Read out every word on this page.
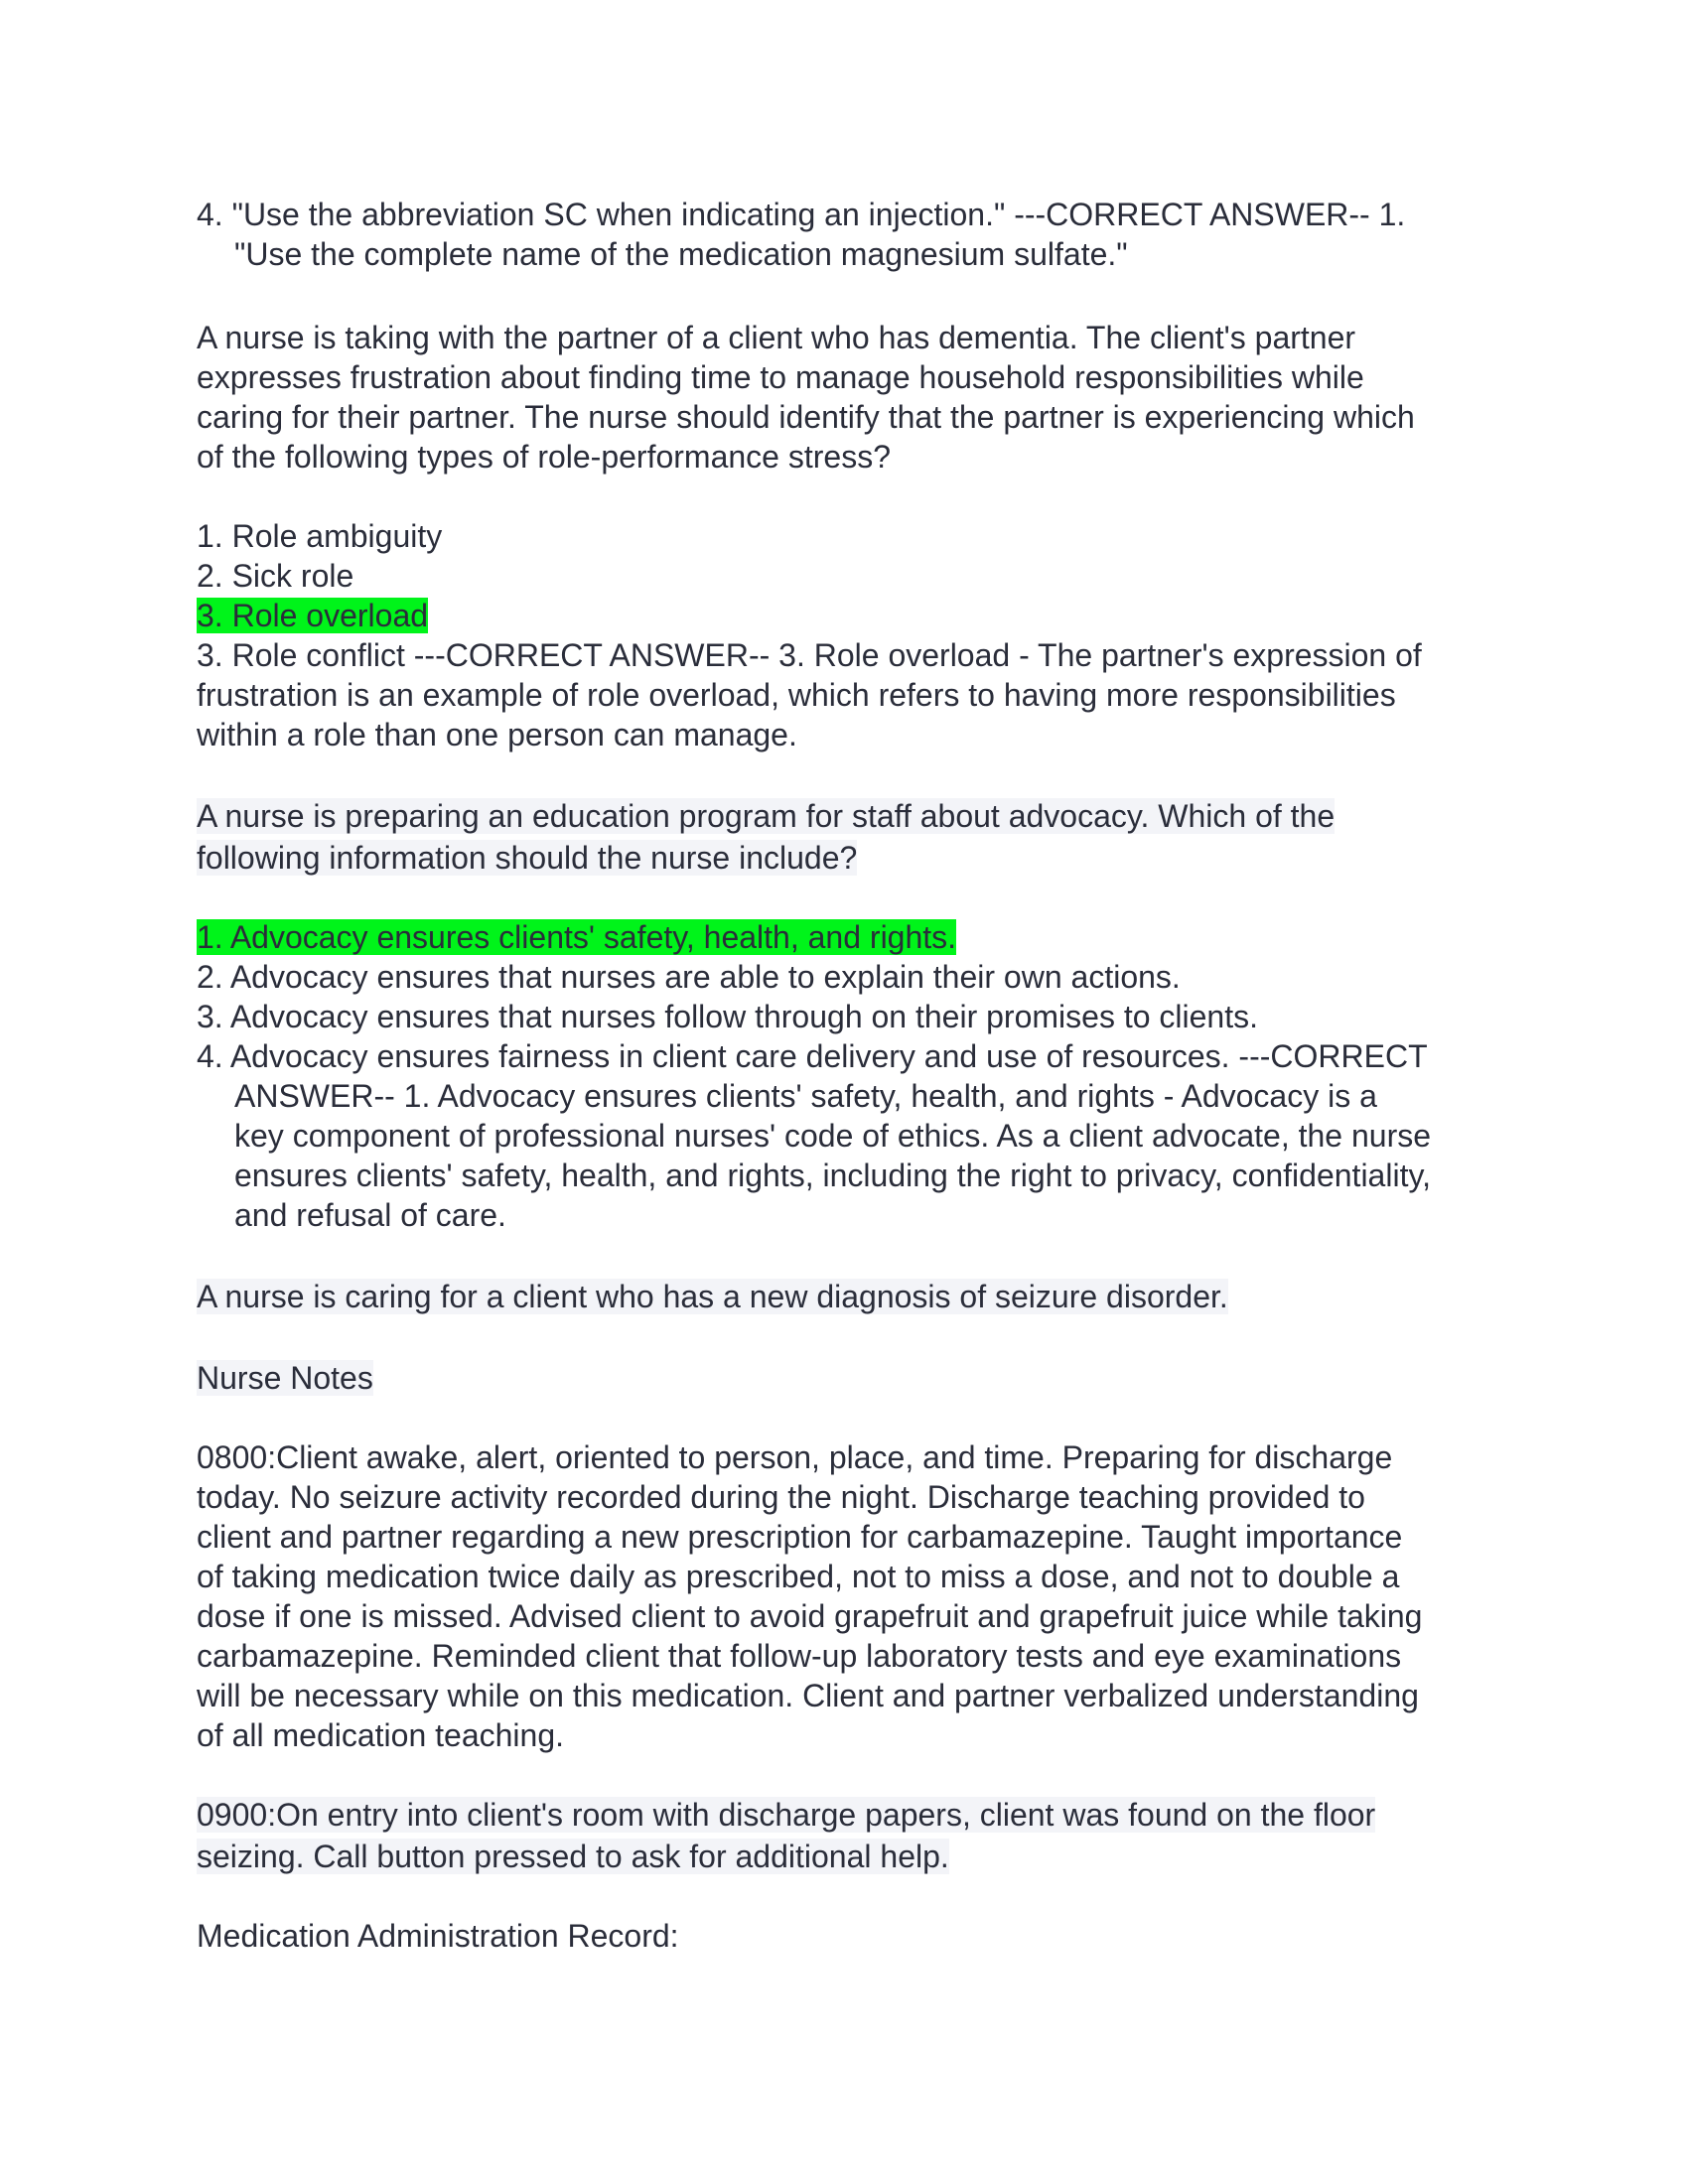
4. "Use the abbreviation SC when indicating an injection." ---CORRECT ANSWER-- 1.
"Use the complete name of the medication magnesium sulfate."
A nurse is taking with the partner of a client who has dementia. The client's partner
expresses frustration about finding time to manage household responsibilities while
caring for their partner. The nurse should identify that the partner is experiencing which
of the following types of role-performance stress?
1. Role ambiguity
2. Sick role
3. Role overload
3. Role conflict ---CORRECT ANSWER-- 3. Role overload - The partner's expression of
frustration is an example of role overload, which refers to having more responsibilities
within a role than one person can manage.
A nurse is preparing an education program for staff about advocacy. Which of the
following information should the nurse include?
1. Advocacy ensures clients' safety, health, and rights.
2. Advocacy ensures that nurses are able to explain their own actions.
3. Advocacy ensures that nurses follow through on their promises to clients.
4. Advocacy ensures fairness in client care delivery and use of resources. ---CORRECT
ANSWER-- 1. Advocacy ensures clients' safety, health, and rights - Advocacy is a
key component of professional nurses' code of ethics. As a client advocate, the nurse
ensures clients' safety, health, and rights, including the right to privacy, confidentiality,
and refusal of care.
A nurse is caring for a client who has a new diagnosis of seizure disorder.
Nurse Notes
0800:Client awake, alert, oriented to person, place, and time. Preparing for discharge
today. No seizure activity recorded during the night. Discharge teaching provided to
client and partner regarding a new prescription for carbamazepine. Taught importance
of taking medication twice daily as prescribed, not to miss a dose, and not to double a
dose if one is missed. Advised client to avoid grapefruit and grapefruit juice while taking
carbamazepine. Reminded client that follow-up laboratory tests and eye examinations
will be necessary while on this medication. Client and partner verbalized understanding
of all medication teaching.
0900:On entry into client's room with discharge papers, client was found on the floor
seizing. Call button pressed to ask for additional help.
Medication Administration Record:
